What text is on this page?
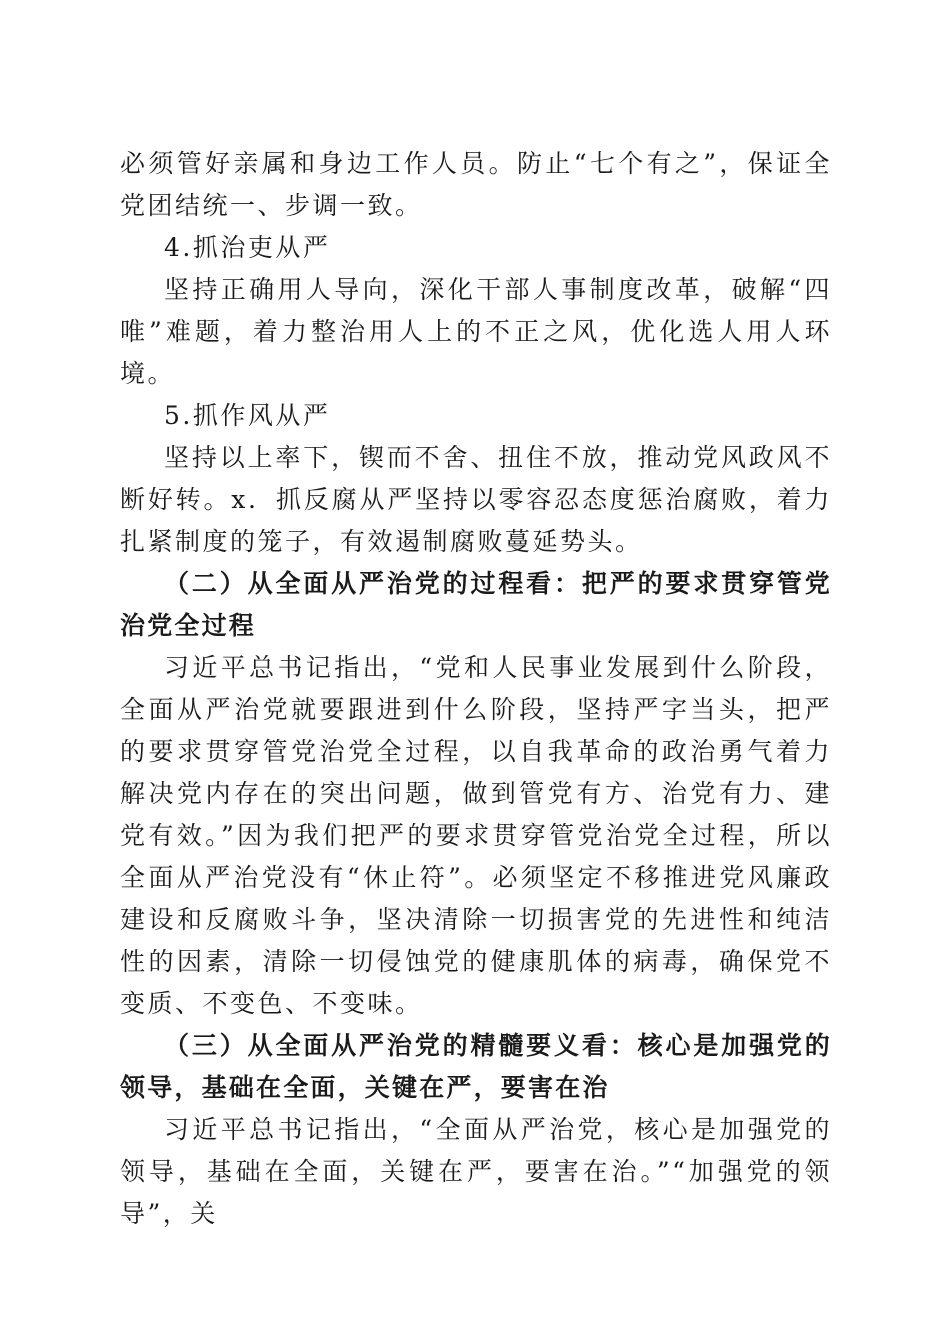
必须管好亲属和身边工作人员。防止“七个有之”，保证全党团结统一、步调一致。

4.抓治吏从严

坚持正确用人导向，深化干部人事制度改革，破解“四唯”难题，着力整治用人上的不正之风，优化选人用人环境。

5.抓作风从严

坚持以上率下，锲而不舍、扭住不放，推动党风政风不断好转。x．抓反腐从严坚持以零容忍态度惩治腐败，着力扎紧制度的笼子，有效遏制腐败蔓延势头。

（二）从全面从严治党的过程看：把严的要求贯穿管党治党全过程

习近平总书记指出，“党和人民事业发展到什么阶段，全面从严治党就要跟进到什么阶段，坚持严字当头，把严的要求贯穿管党治党全过程，以自我革命的政治勇气着力解决党内存在的突出问题，做到管党有方、治党有力、建党有效。”因为我们把严的要求贯穿管党治党全过程，所以全面从严治党没有“休止符”。必须坚定不移推进党风廉政建设和反腐败斗争，坚决清除一切损害党的先进性和纯洁性的因素，清除一切侵蚀党的健康肌体的病毒，确保党不变质、不变色、不变味。

（三）从全面从严治党的精髓要义看：核心是加强党的领导，基础在全面，关键在严，要害在治

习近平总书记指出，“全面从严治党，核心是加强党的领导，基础在全面，关键在严，要害在治。”“加强党的领导”，关
